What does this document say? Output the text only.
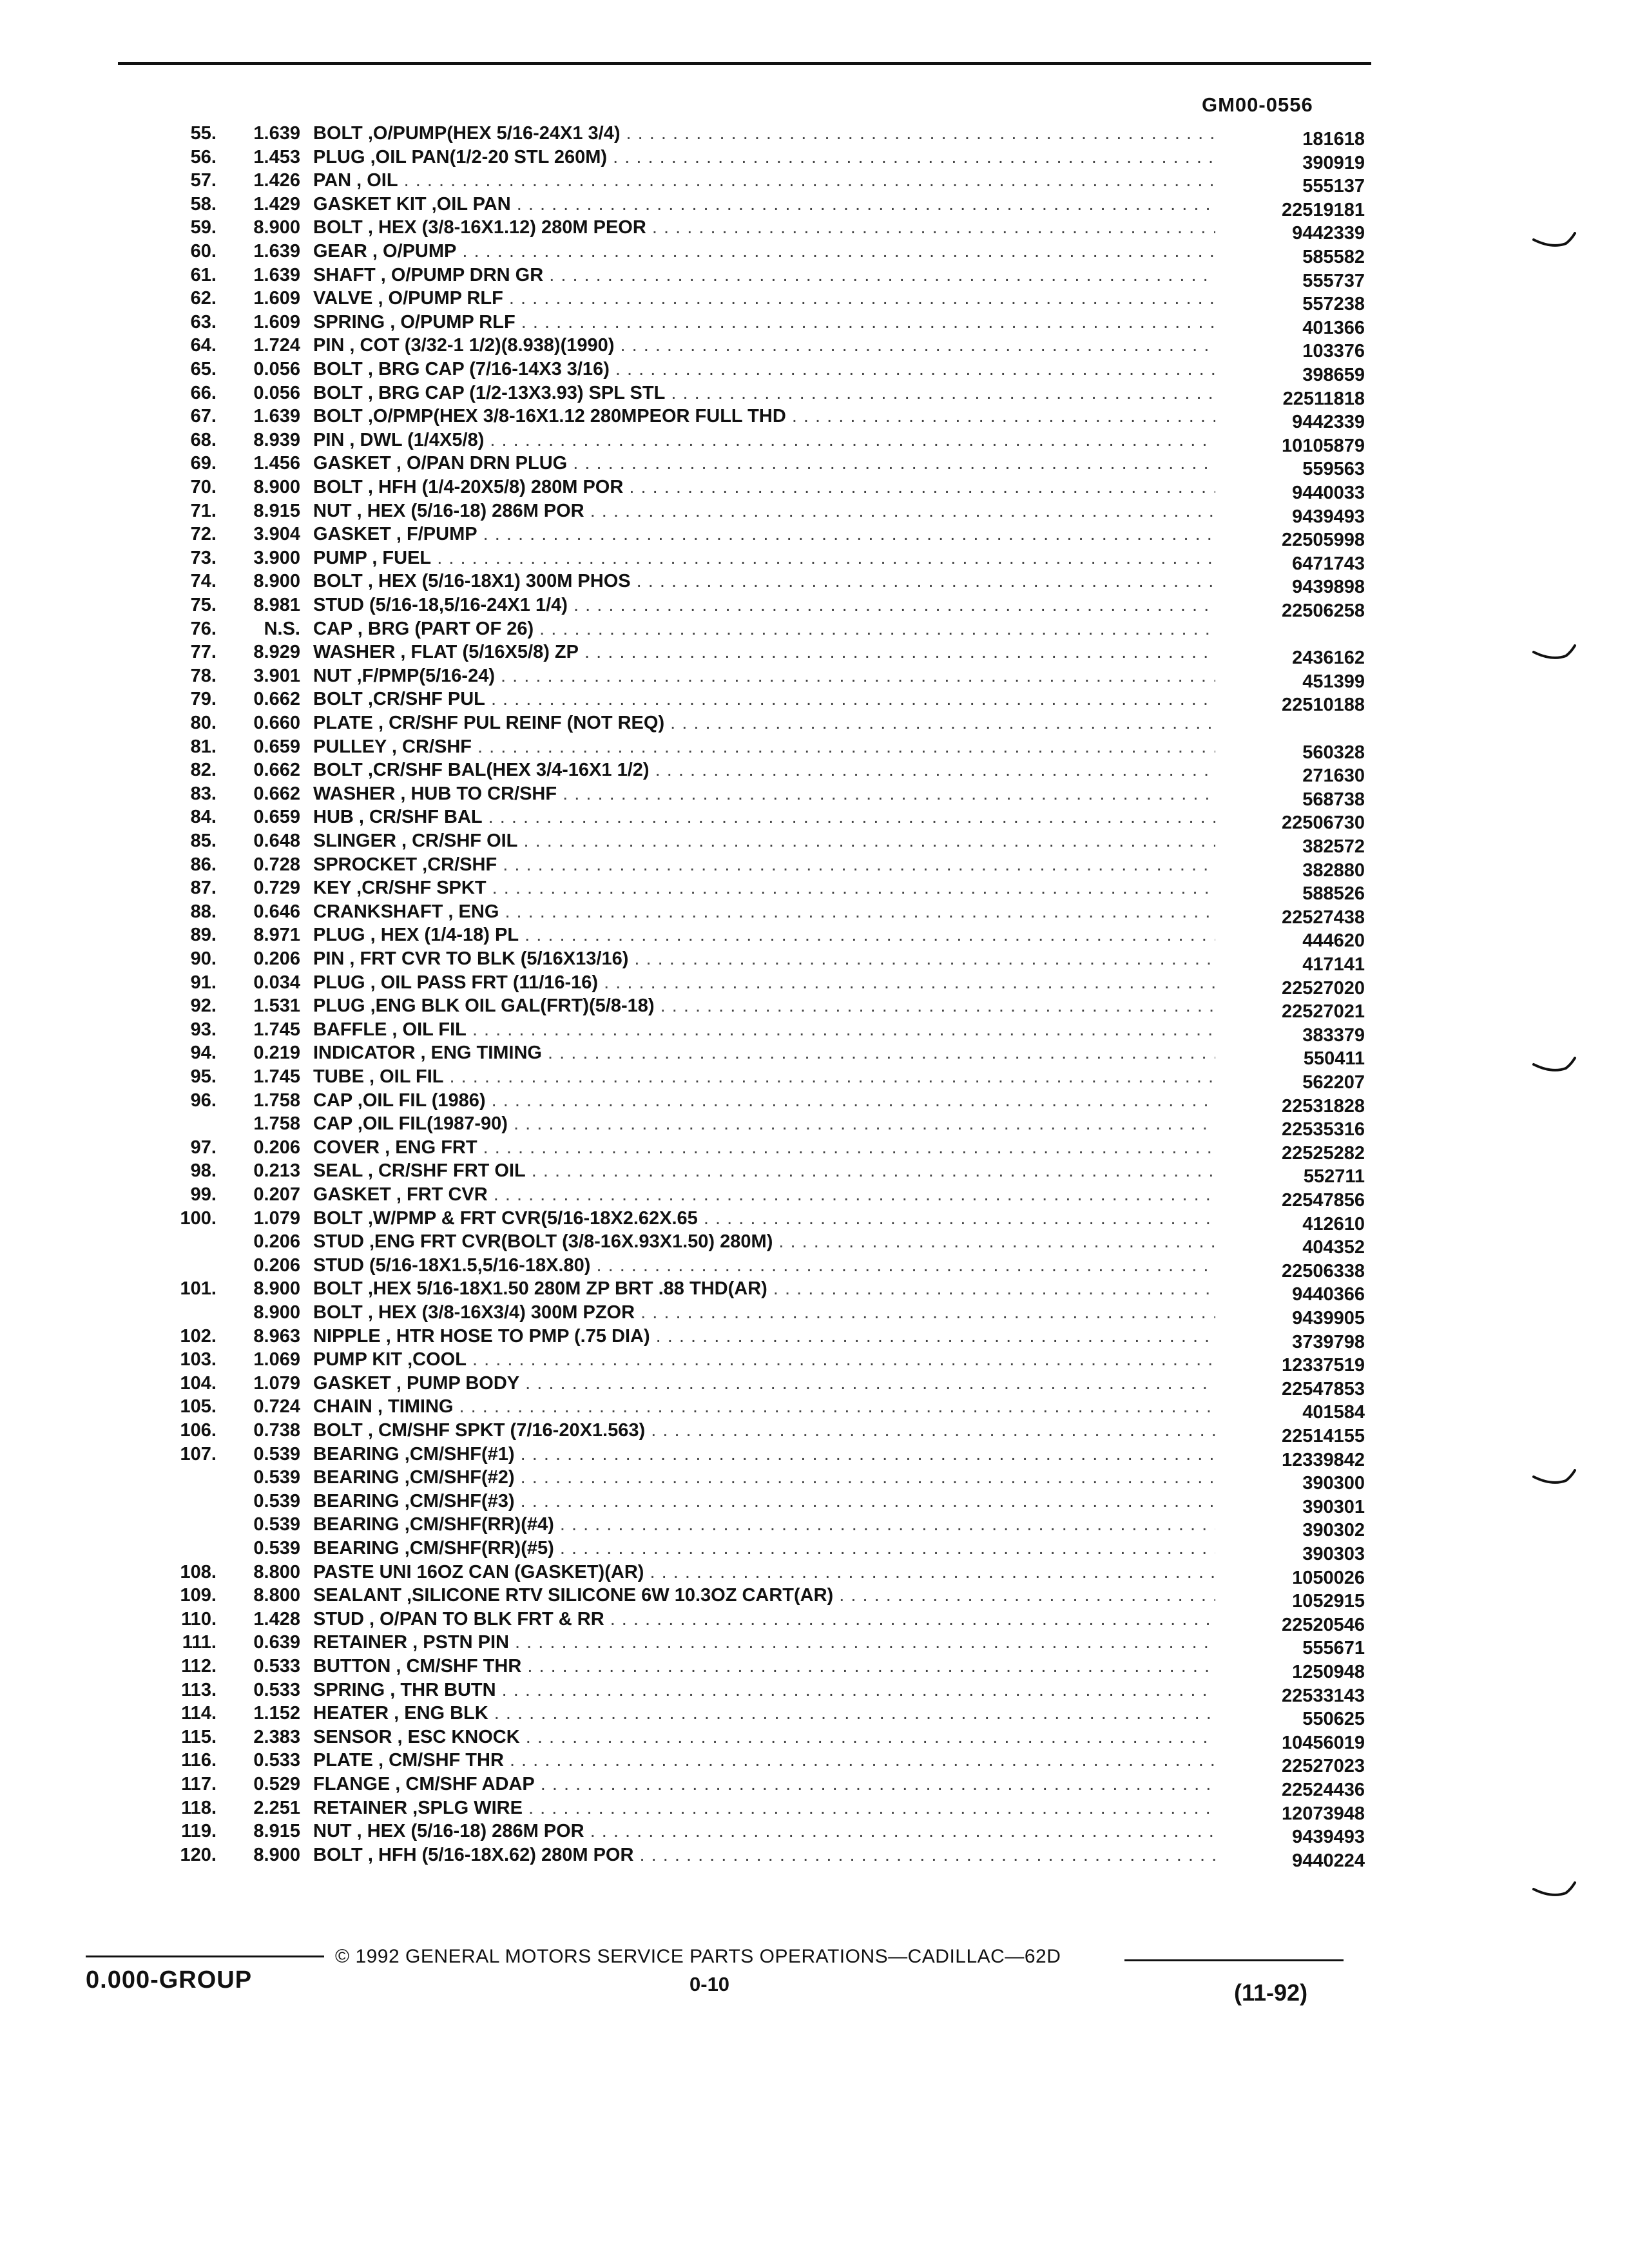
GM00-0556
55.	1.639 BOLT ,O/PUMP(HEX 5/16-24X1 3/4) . . .	181618
56.	1.453 PLUG ,OIL PAN(1/2-20 STL 260M) . . .	390919
57.	1.426 PAN , OIL . . .	555137
58.	1.429 GASKET KIT ,OIL PAN . . .	22519181
59.	8.900 BOLT , HEX (3/8-16X1.12) 280M PEOR . . .	9442339
60.	1.639 GEAR , O/PUMP . . .	585582
61.	1.639 SHAFT , O/PUMP DRN GR . . .	555737
62.	1.609 VALVE , O/PUMP RLF . . .	557238
63.	1.609 SPRING , O/PUMP RLF . . .	401366
64.	1.724 PIN , COT (3/32-1 1/2)(8.938)(1990) . . .	103376
65.	0.056 BOLT , BRG CAP (7/16-14X3 3/16) . . .	398659
66.	0.056 BOLT , BRG CAP (1/2-13X3.93) SPL STL . . .	22511818
67.	1.639 BOLT ,O/PMP(HEX 3/8-16X1.12 280MPEOR FULL THD . . .	9442339
68.	8.939 PIN , DWL (1/4X5/8) . . .	10105879
69.	1.456 GASKET , O/PAN DRN PLUG . . .	559563
70.	8.900 BOLT , HFH (1/4-20X5/8) 280M POR . . .	9440033
71.	8.915 NUT , HEX (5/16-18) 286M POR . . .	9439493
72.	3.904 GASKET , F/PUMP . . .	22505998
73.	3.900 PUMP , FUEL . . .	6471743
74.	8.900 BOLT , HEX (5/16-18X1) 300M PHOS . . .	9439898
75.	8.981 STUD (5/16-18,5/16-24X1 1/4) . . .	22506258
76.	N.S. CAP , BRG (PART OF 26) . . .
77.	8.929 WASHER , FLAT (5/16X5/8) ZP . . .	2436162
78.	3.901 NUT ,F/PMP(5/16-24) . . .	451399
79.	0.662 BOLT ,CR/SHF PUL . . .	22510188
80.	0.660 PLATE , CR/SHF PUL REINF (NOT REQ) . . .
81.	0.659 PULLEY , CR/SHF . . .	560328
82.	0.662 BOLT ,CR/SHF BAL(HEX 3/4-16X1 1/2) . . .	271630
83.	0.662 WASHER , HUB TO CR/SHF . . .	568738
84.	0.659 HUB , CR/SHF BAL . . .	22506730
85.	0.648 SLINGER , CR/SHF OIL . . .	382572
86.	0.728 SPROCKET ,CR/SHF . . .	382880
87.	0.729 KEY ,CR/SHF SPKT . . .	588526
88.	0.646 CRANKSHAFT , ENG . . .	22527438
89.	8.971 PLUG , HEX (1/4-18) PL . . .	444620
90.	0.206 PIN , FRT CVR TO BLK (5/16X13/16) . . .	417141
91.	0.034 PLUG , OIL PASS FRT (11/16-16) . . .	22527020
92.	1.531 PLUG ,ENG BLK OIL GAL(FRT)(5/8-18) . . .	22527021
93.	1.745 BAFFLE , OIL FIL . . .	383379
94.	0.219 INDICATOR , ENG TIMING . . .	550411
95.	1.745 TUBE , OIL FIL . . .	562207
96.	1.758 CAP ,OIL FIL (1986) . . .	22531828
1.758 CAP ,OIL FIL(1987-90) . . .	22535316
97.	0.206 COVER , ENG FRT . . .	22525282
98.	0.213 SEAL , CR/SHF FRT OIL . . .	552711
99.	0.207 GASKET , FRT CVR . . .	22547856
100.	1.079 BOLT ,W/PMP & FRT CVR(5/16-18X2.62X.65 . . .	412610
0.206 STUD ,ENG FRT CVR(BOLT (3/8-16X.93X1.50) 280M) . . .	404352
0.206 STUD (5/16-18X1.5,5/16-18X.80) . . .	22506338
101.	8.900 BOLT ,HEX 5/16-18X1.50 280M ZP BRT .88 THD(AR) . . .	9440366
8.900 BOLT , HEX (3/8-16X3/4) 300M PZOR . . .	9439905
102.	8.963 NIPPLE , HTR HOSE TO PMP (.75 DIA) . . .	3739798
103.	1.069 PUMP KIT ,COOL . . .	12337519
104.	1.079 GASKET , PUMP BODY . . .	22547853
105.	0.724 CHAIN , TIMING . . .	401584
106.	0.738 BOLT , CM/SHF SPKT (7/16-20X1.563) . . .	22514155
107.	0.539 BEARING ,CM/SHF(#1) . . .	12339842
0.539 BEARING ,CM/SHF(#2) . . .	390300
0.539 BEARING ,CM/SHF(#3) . . .	390301
0.539 BEARING ,CM/SHF(RR)(#4) . . .	390302
0.539 BEARING ,CM/SHF(RR)(#5) . . .	390303
108.	8.800 PASTE UNI 16OZ CAN (GASKET)(AR) . . .	1050026
109.	8.800 SEALANT ,SILICONE RTV SILICONE 6W 10.3OZ CART(AR) . . .	1052915
110.	1.428 STUD , O/PAN TO BLK FRT & RR . . .	22520546
111.	0.639 RETAINER , PSTN PIN . . .	555671
112.	0.533 BUTTON , CM/SHF THR . . .	1250948
113.	0.533 SPRING , THR BUTN . . .	22533143
114.	1.152 HEATER , ENG BLK . . .	550625
115.	2.383 SENSOR , ESC KNOCK . . .	10456019
116.	0.533 PLATE , CM/SHF THR . . .	22527023
117.	0.529 FLANGE , CM/SHF ADAP . . .	22524436
118.	2.251 RETAINER ,SPLG WIRE . . .	12073948
119.	8.915 NUT , HEX (5/16-18) 286M POR . . .	9439493
120.	8.900 BOLT , HFH (5/16-18X.62) 280M POR . . .	9440224
© 1992 GENERAL MOTORS SERVICE PARTS OPERATIONS—CADILLAC—62D
0.000-GROUP	0-10	(11-92)
